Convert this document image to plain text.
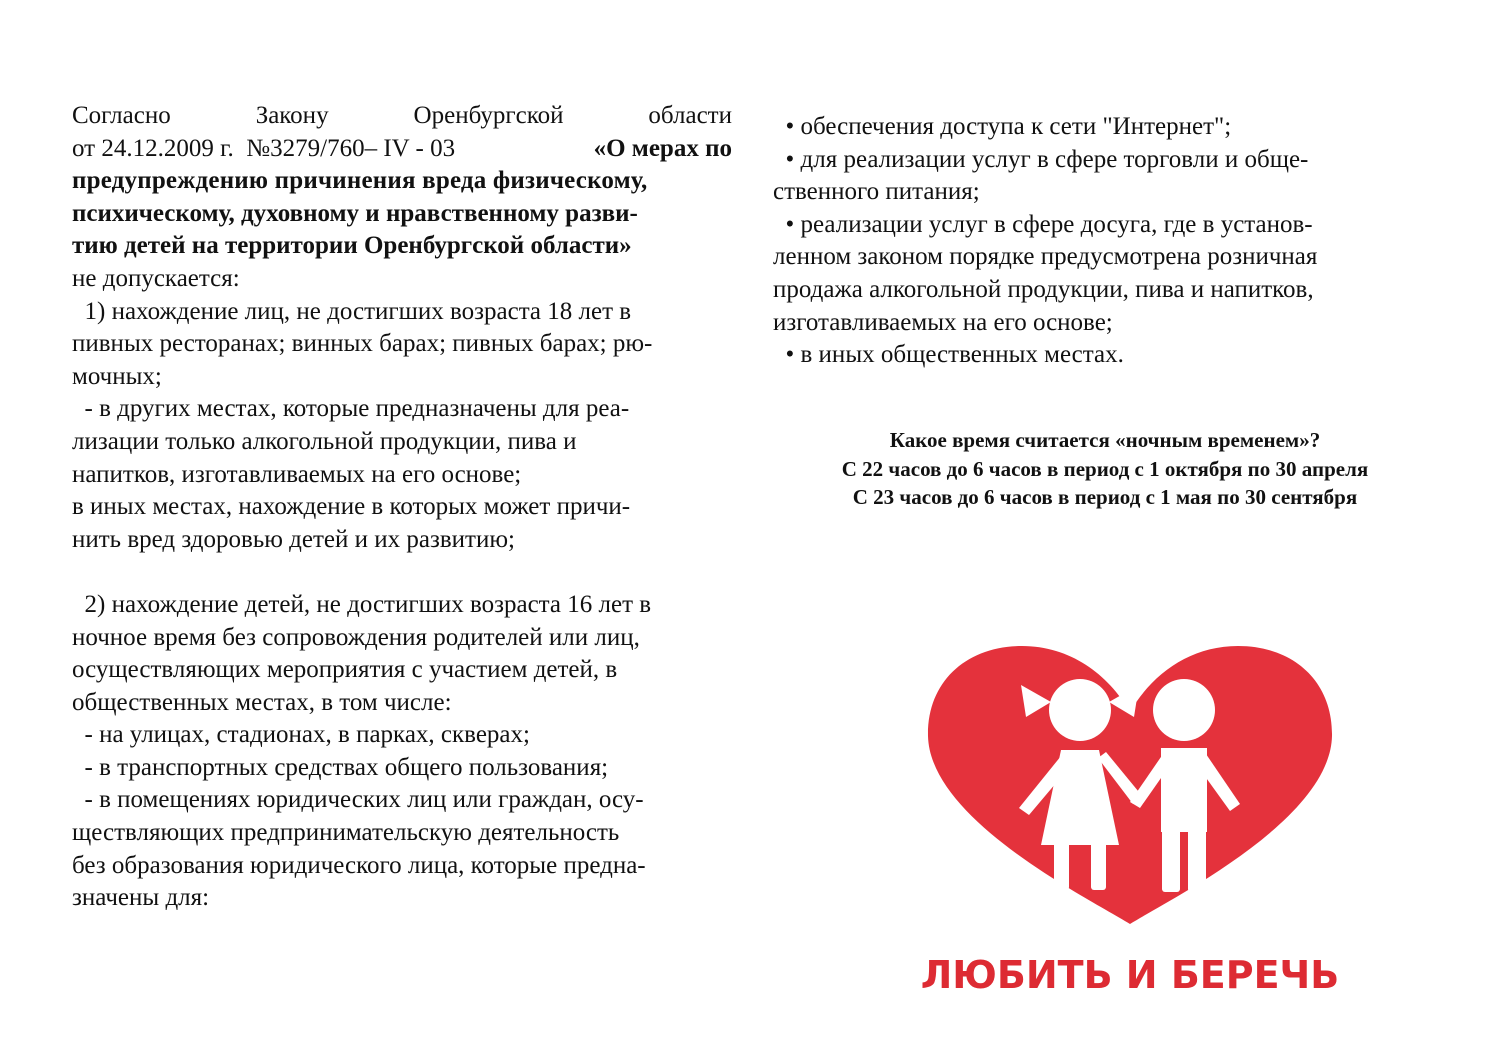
Согласно	Закону	Оренбургской	области
от 24.12.2009 г.  №3279/760– IV - 03	«О мерах по
предупреждению причинения вреда физическому,
психическому, духовному и нравственному разви-
тию детей на территории Оренбургской области»
не допускается:
1) нахождение лиц, не достигших возраста 18 лет в
пивных ресторанах; винных барах; пивных барах; рю-
мочных;
- в других местах, которые предназначены для реа-
лизации только алкогольной продукции, пива и
напитков, изготавливаемых на его основе;
в иных местах, нахождение в которых может причи-
нить вред здоровью детей и их развитию;
2) нахождение детей, не достигших возраста 16 лет в
ночное время без сопровождения родителей или лиц,
осуществляющих мероприятия с участием детей, в
общественных местах, в том числе:
- на улицах, стадионах, в парках, скверах;
- в транспортных средствах общего пользования;
- в помещениях юридических лиц или граждан, осу-
ществляющих предпринимательскую деятельность
без образования юридического лица, которые предна-
значены для:
• обеспечения доступа к сети "Интернет";
• для реализации услуг в сфере торговли и обще-
ственного питания;
• реализации услуг в сфере досуга, где в установ-
ленном законом порядке предусмотрена розничная
продажа алкогольной продукции, пива и напитков,
изготавливаемых на его основе;
• в иных общественных местах.
Какое время считается «ночным временем»?
С 22 часов до 6 часов в период с 1 октября по 30 апреля
С 23 часов до 6 часов в период с 1 мая по 30 сентября
ЛЮБИТЬ И БЕРЕЧЬ
